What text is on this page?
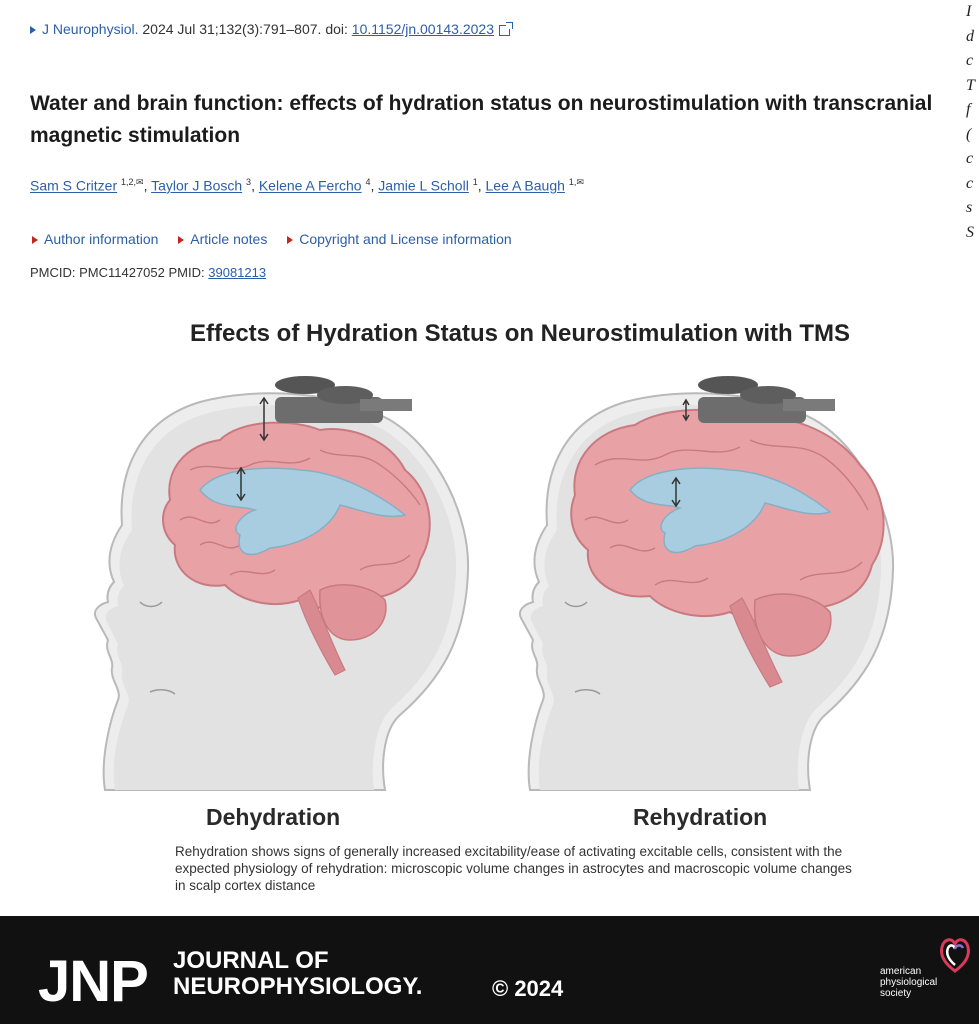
J Neurophysiol. 2024 Jul 31;132(3):791–807. doi: 10.1152/jn.00143.2023
Water and brain function: effects of hydration status on neurostimulation with transcranial magnetic stimulation
Sam S Critzer $^{1,2,✉}$, Taylor J Bosch $^3$, Kelene A Fercho $^4$, Jamie L Scholl $^1$, Lee A Baugh $^{1,✉}$
Author information Article notes Copyright and License information
PMCID: PMC11427052 PMID: 39081213
I
d
c
T
f
(
c
c
s
S
Effects of Hydration Status on Neurostimulation with TMS
Dehydration	Rehydration
Rehydration shows signs of generally increased excitability/ease of activating excitable cells, consistent with the expected physiology of rehydration: microscopic volume changes in astrocytes and macroscopic volume changes in scalp cortex distance
JNP JOURNAL OF
NEUROPHYSIOLOGY.	© 2024
american
physiological
society
